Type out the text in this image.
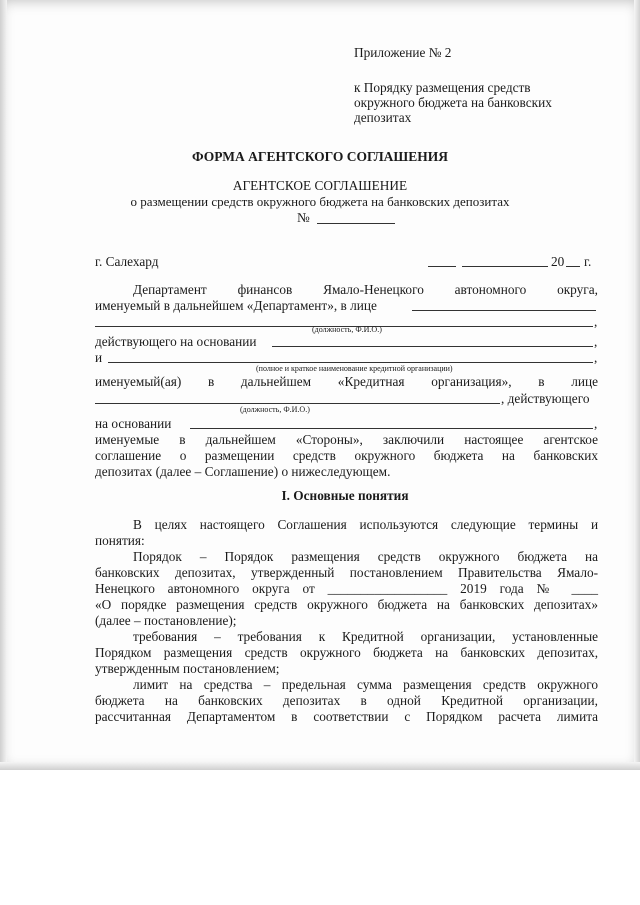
Приложение № 2
к Порядку размещения средств
окружного бюджета на банковских
депозитах
ФОРМА АГЕНТСКОГО СОГЛАШЕНИЯ
АГЕНТСКОЕ СОГЛАШЕНИЕ
о размещении средств окружного бюджета на банковских депозитах
№
г. Салехард	20 г.
Департамент финансов Ямало-Ненецкого автономного округа,
именуемый в дальнейшем «Департамент», в лице
,
(должность, Ф.И.О.)
действующего на основании	,
и	,
(полное и краткое наименование кредитной организации)
именуемый(ая) в дальнейшем «Кредитная организация», в лице
, действующего
(должность, Ф.И.О.)
на основании	,
именуемые в дальнейшем «Стороны», заключили настоящее агентское
соглашение о размещении средств окружного бюджета на банковских
депозитах (далее – Соглашение) о нижеследующем.
I. Основные понятия
В целях настоящего Соглашения используются следующие термины и
понятия:
Порядок – Порядок размещения средств окружного бюджета на
банковских депозитах, утвержденный постановлением Правительства Ямало-
Ненецкого автономного округа от __________________ 2019 года № ____
«О порядке размещения средств окружного бюджета на банковских депозитах»
(далее – постановление);
требования – требования к Кредитной организации, установленные
Порядком размещения средств окружного бюджета на банковских депозитах,
утвержденным постановлением;
лимит на средства – предельная сумма размещения средств окружного
бюджета на банковских депозитах в одной Кредитной организации,
рассчитанная Департаментом в соответствии с Порядком расчета лимита
